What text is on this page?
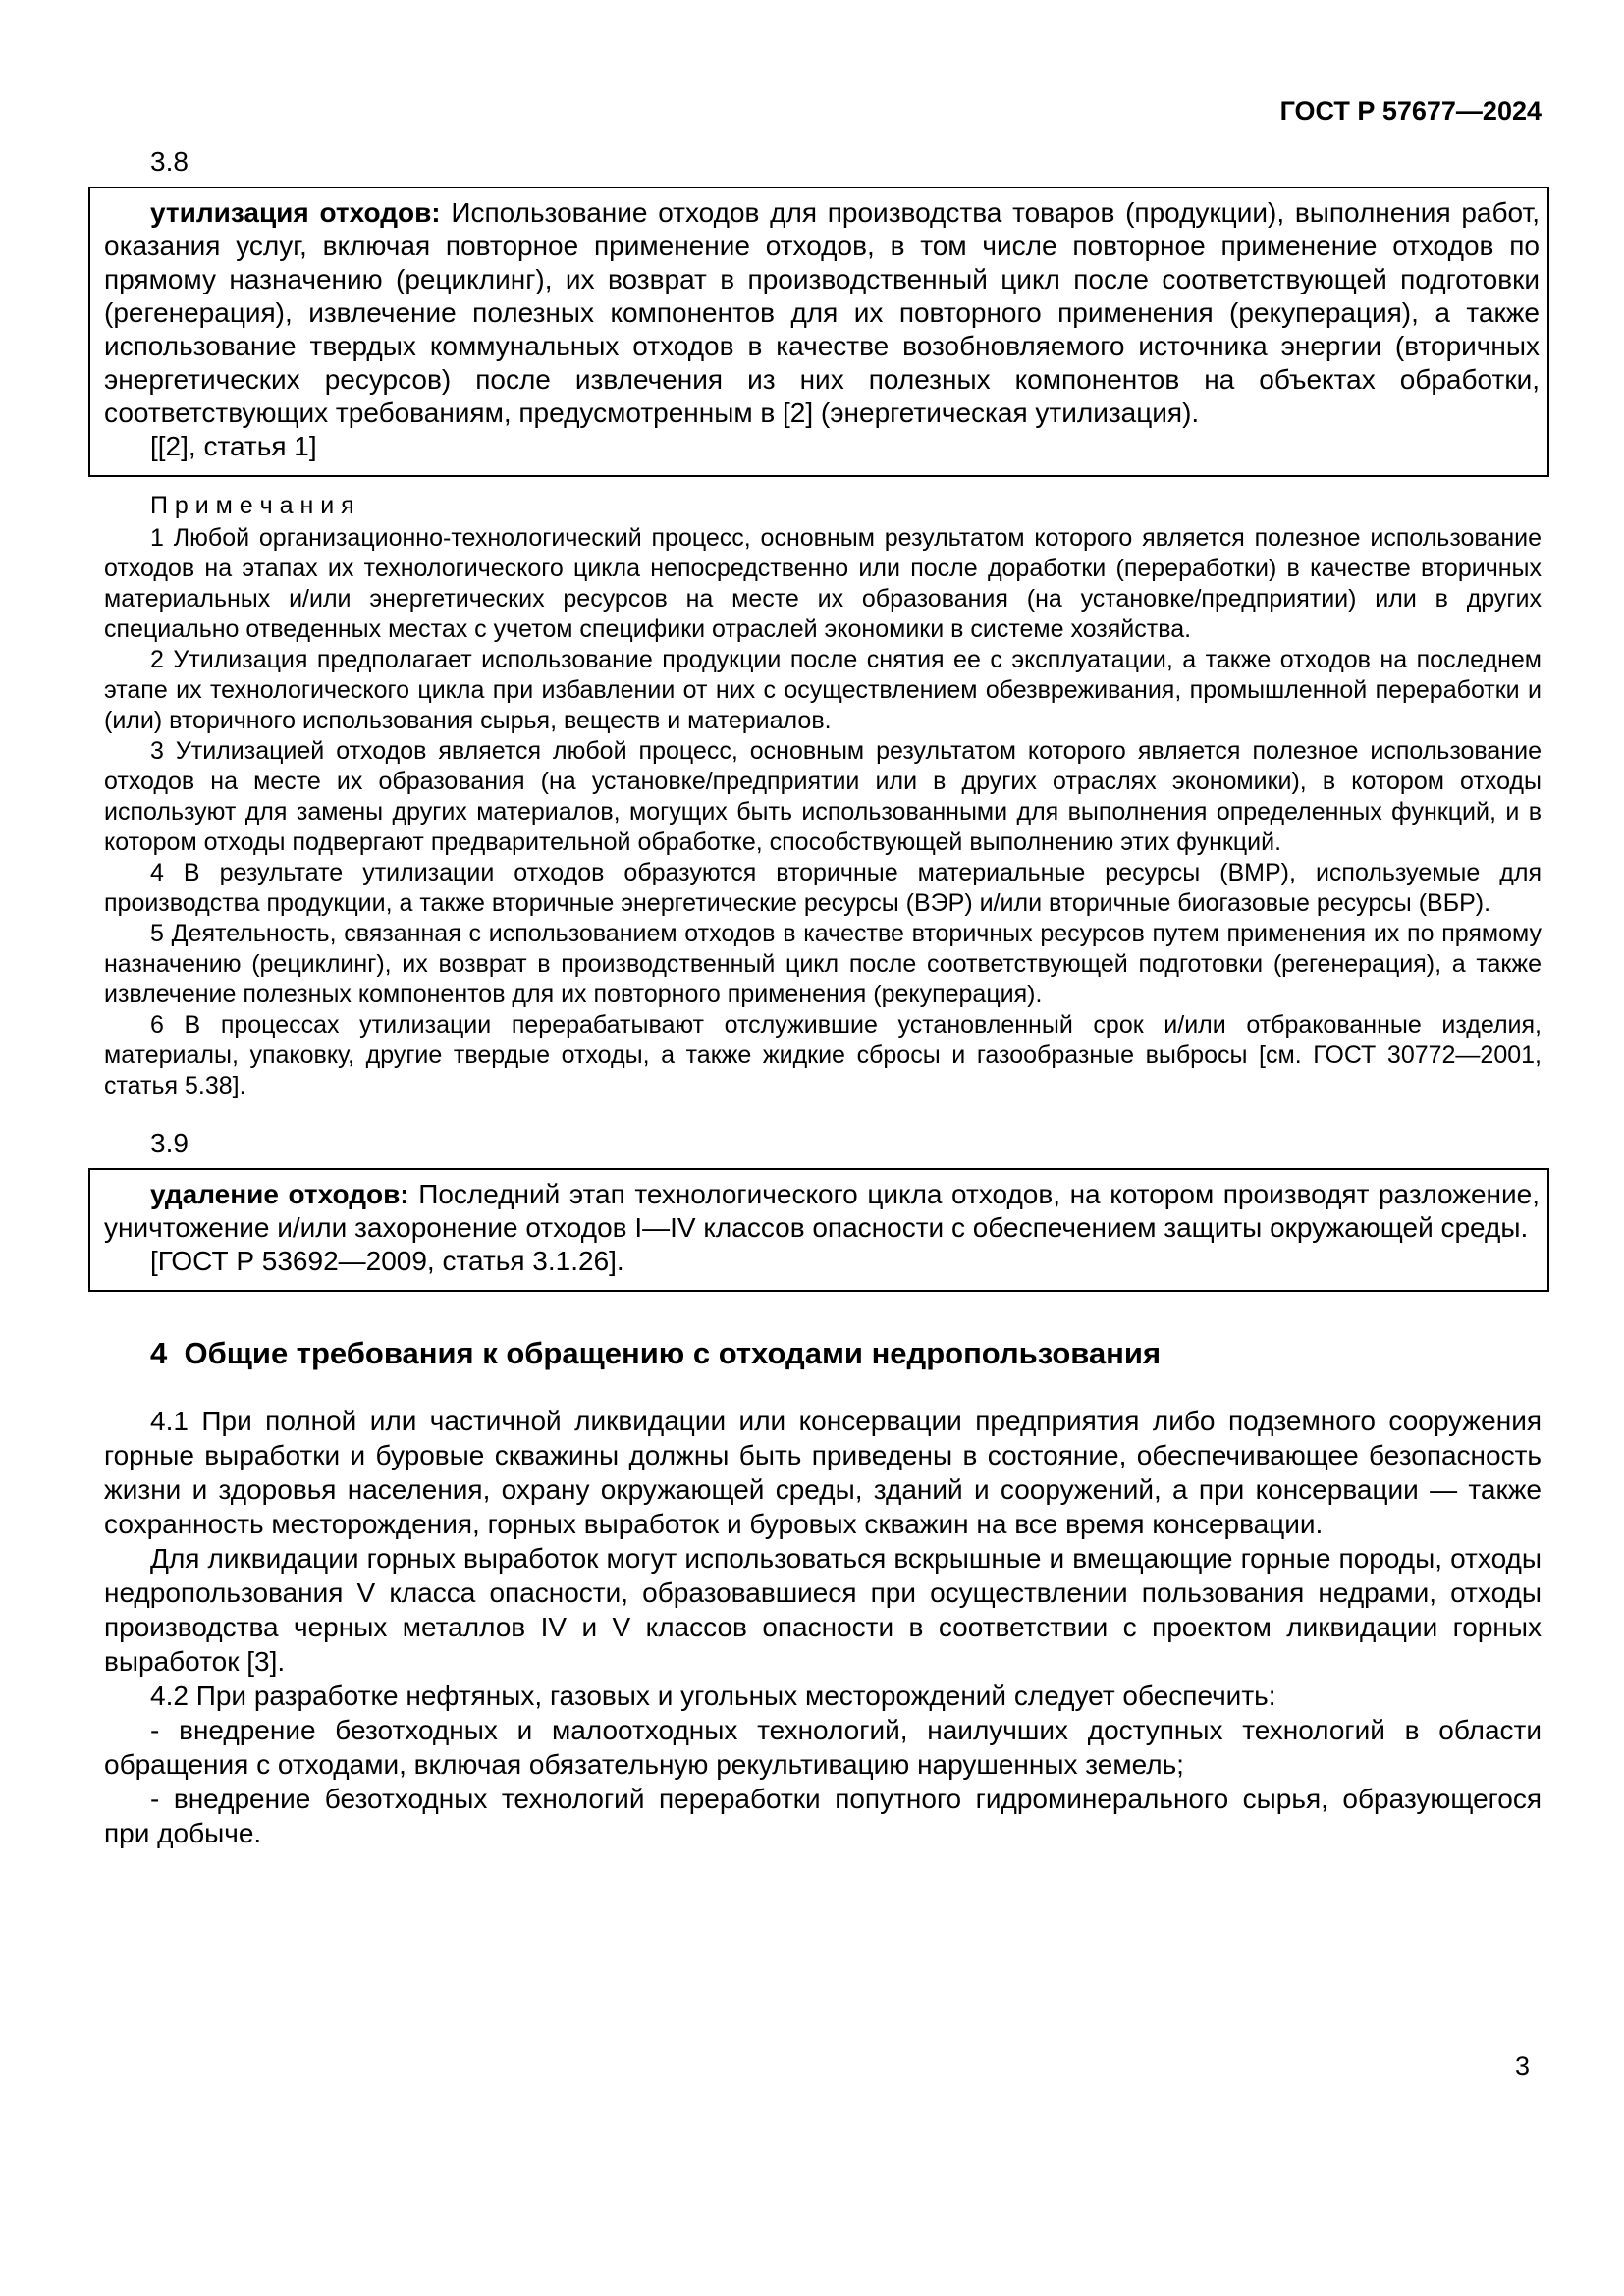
ГОСТ Р 57677—2024
3.8

утилизация отходов: Использование отходов для производства товаров (продукции), выполнения работ, оказания услуг, включая повторное применение отходов, в том числе повторное применение отходов по прямому назначению (рециклинг), их возврат в производственный цикл после соответствующей подготовки (регенерация), извлечение полезных компонентов для их повторного применения (рекуперация), а также использование твердых коммунальных отходов в качестве возобновляемого источника энергии (вторичных энергетических ресурсов) после извлечения из них полезных компонентов на объектах обработки, соответствующих требованиям, предусмотренным в [2] (энергетическая утилизация).

[[2], статья 1]

П р и м е ч а н и я

1 Любой организационно-технологический процесс, основным результатом которого является полезное использование отходов на этапах их технологического цикла непосредственно или после доработки (переработки) в качестве вторичных материальных и/или энергетических ресурсов на месте их образования (на установке/предприятии) или в других специально отведенных местах с учетом специфики отраслей экономики в системе хозяйства.

2 Утилизация предполагает использование продукции после снятия ее с эксплуатации, а также отходов на последнем этапе их технологического цикла при избавлении от них с осуществлением обезвреживания, промышленной переработки и (или) вторичного использования сырья, веществ и материалов.

3 Утилизацией отходов является любой процесс, основным результатом которого является полезное использование отходов на месте их образования (на установке/предприятии или в других отраслях экономики), в котором отходы используют для замены других материалов, могущих быть использованными для выполнения определенных функций, и в котором отходы подвергают предварительной обработке, способствующей выполнению этих функций.

4 В результате утилизации отходов образуются вторичные материальные ресурсы (ВМР), используемые для производства продукции, а также вторичные энергетические ресурсы (ВЭР) и/или вторичные биогазовые ресурсы (ВБР).

5 Деятельность, связанная с использованием отходов в качестве вторичных ресурсов путем применения их по прямому назначению (рециклинг), их возврат в производственный цикл после соответствующей подготовки (регенерация), а также извлечение полезных компонентов для их повторного применения (рекуперация).

6 В процессах утилизации перерабатывают отслужившие установленный срок и/или отбракованные изделия, материалы, упаковку, другие твердые отходы, а также жидкие сбросы и газообразные выбросы [см. ГОСТ 30772—2001, статья 5.38].

3.9

удаление отходов: Последний этап технологического цикла отходов, на котором производят разложение, уничтожение и/или захоронение отходов I—IV классов опасности с обеспечением защиты окружающей среды.

[ГОСТ Р 53692—2009, статья 3.1.26].

4  Общие требования к обращению с отходами недропользования

4.1 При полной или частичной ликвидации или консервации предприятия либо подземного сооружения горные выработки и буровые скважины должны быть приведены в состояние, обеспечивающее безопасность жизни и здоровья населения, охрану окружающей среды, зданий и сооружений, а при консервации — также сохранность месторождения, горных выработок и буровых скважин на все время консервации.

Для ликвидации горных выработок могут использоваться вскрышные и вмещающие горные породы, отходы недропользования V класса опасности, образовавшиеся при осуществлении пользования недрами, отходы производства черных металлов IV и V классов опасности в соответствии с проектом ликвидации горных выработок [3].

4.2 При разработке нефтяных, газовых и угольных месторождений следует обеспечить:

- внедрение безотходных и малоотходных технологий, наилучших доступных технологий в области обращения с отходами, включая обязательную рекультивацию нарушенных земель;

- внедрение безотходных технологий переработки попутного гидроминерального сырья, образующегося при добыче.

3
